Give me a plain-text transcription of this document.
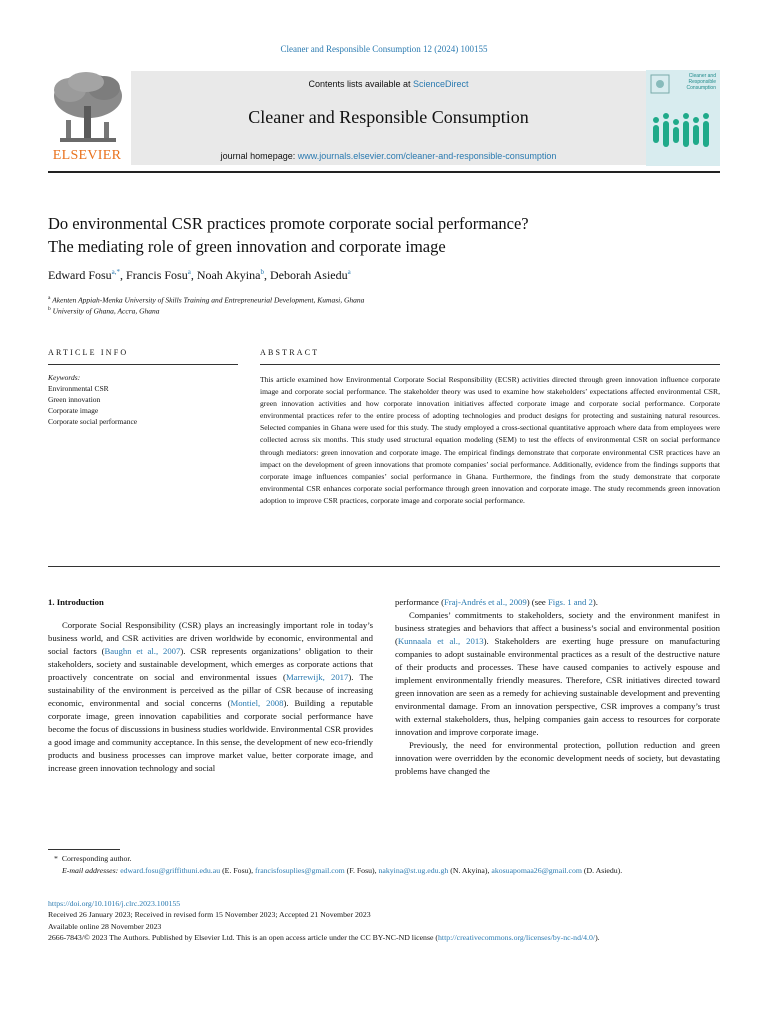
Cleaner and Responsible Consumption 12 (2024) 100155
ELSEVIER
Contents lists available at ScienceDirect
Cleaner and Responsible Consumption
journal homepage: www.journals.elsevier.com/cleaner-and-responsible-consumption
Cleaner and Responsible Consumption
Do environmental CSR practices promote corporate social performance?
The mediating role of green innovation and corporate image
Edward Fosu$^{a,*}$, Francis Fosu$^a$, Noah Akyina$^b$, Deborah Asiedu$^a$
$^a$ Akenten Appiah-Menka University of Skills Training and Entrepreneurial Development, Kumasi, Ghana
$^b$ University of Ghana, Accra, Ghana
ARTICLE INFO	ABSTRACT
Keywords:
Environmental CSR
Green innovation
Corporate image
Corporate social performance

This article examined how Environmental Corporate Social Responsibility (ECSR) activities directed through green innovation influence corporate image and corporate social performance. The stakeholder theory was used to examine how stakeholders’ expectations affected environmental CSR, green innovation activities and how corporate innovation initiatives affected corporate image and corporate social performance. Corporate environmental practices refer to the entire process of adopting technologies and product designs for protecting and sustaining natural resources. Selected companies in Ghana were used for this study. The study employed a cross-sectional quantitative approach where data from employees were collected across six months. This study used structural equation modeling (SEM) to test the effects of environmental CSR on social performance through mediators: green innovation and corporate image. The empirical findings demonstrate that corporate environmental CSR practices have an impact on the development of green innovations that promote companies’ social performance. Additionally, evidence from the findings supports that corporate image influences companies’ social performance in Ghana. Furthermore, the findings from the study demonstrate that corporate environmental CSR enhances corporate social performance through green innovation and corporate image. The study recommends green innovation adoption to improve CSR practices, corporate image and corporate social performance.

1. Introduction

Corporate Social Responsibility (CSR) plays an increasingly important role in today’s business world, and CSR activities are driven worldwide by economic, environmental and social factors (Baughn et al., 2007). CSR represents organizations’ obligation to their stakeholders, society and sustainable development, which emerges as corporate actions that proactively concentrate on social and environmental issues (Marrewijk, 2017). The sustainability of the environment is perceived as the pillar of CSR because of increasing economic, environmental and social concerns (Montiel, 2008). Building a reputable corporate image, green innovation capabilities and corporate social performance have become the focus of discussions in business studies worldwide. Environmental CSR provides a good image and community acceptance. In this sense, the development of new eco-friendly products and business processes can improve market value, better corporate image, and increase green innovation technology and social

performance (Fraj-Andrés et al., 2009) (see Figs. 1 and 2).

Companies’ commitments to stakeholders, society and the environment manifest in business strategies and behaviors that affect a business’s social and environmental position (Kunnaala et al., 2013). Stakeholders are exerting huge pressure on manufacturing companies to adopt sustainable environmental practices as a result of the destructive nature of their products and processes. These have caused companies to actively espouse and implement environmentally friendly measures. Therefore, CSR initiatives directed toward green innovation are seen as a remedy for achieving sustainable development and preventing environmental damage. From an innovation perspective, CSR improves a company’s trust with external stakeholders, thus, helping companies gain access to resources for corporate innovation and improve corporate image.

Previously, the need for environmental protection, pollution reduction and green innovation were overridden by the economic development needs of society, but devastating problems have changed the

* Corresponding author.

E-mail addresses: edward.fosu@griffithuni.edu.au (E. Fosu), francisfosuplies@gmail.com (F. Fosu), nakyina@st.ug.edu.gh (N. Akyina), akosuapomaa26@gmail.com (D. Asiedu).

https://doi.org/10.1016/j.clrc.2023.100155

Received 26 January 2023; Received in revised form 15 November 2023; Accepted 21 November 2023

Available online 28 November 2023

2666-7843/© 2023 The Authors. Published by Elsevier Ltd. This is an open access article under the CC BY-NC-ND license (http://creativecommons.org/licenses/by-nc-nd/4.0/).
